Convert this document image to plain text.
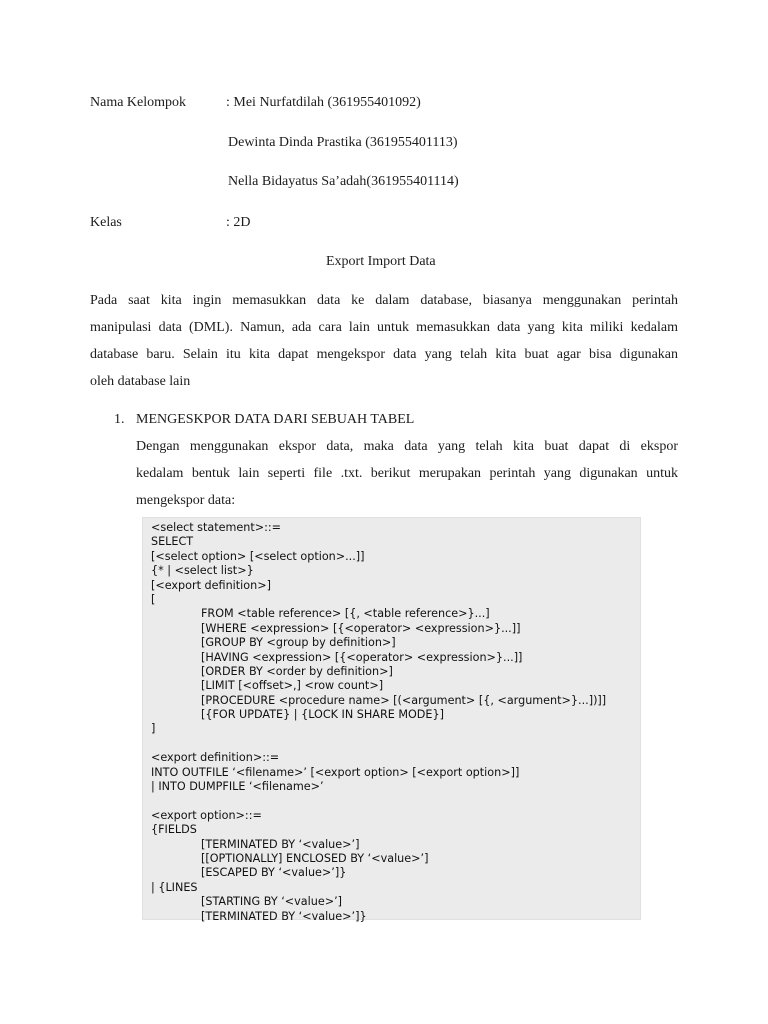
Nama Kelompok	: Mei Nurfatdilah (361955401092)
Dewinta Dinda Prastika (361955401113)
Nella Bidayatus Sa’adah(361955401114)
Kelas	: 2D
Export Import Data
Pada saat kita ingin memasukkan data ke dalam database, biasanya menggunakan perintah
manipulasi data (DML). Namun, ada cara lain untuk memasukkan data yang kita miliki kedalam
database baru. Selain itu kita dapat mengekspor data yang telah kita buat agar bisa digunakan
oleh database lain
1. MENGESKPOR DATA DARI SEBUAH TABEL
Dengan menggunakan ekspor data, maka data yang telah kita buat dapat di ekspor
kedalam bentuk lain seperti file .txt. berikut merupakan perintah yang digunakan untuk
mengekspor data:
<select statement>::=
SELECT
[<select option> [<select option>...]]
{* | <select list>}
[<export definition>]
[
FROM <table reference> [{, <table reference>}...]
[WHERE <expression> [{<operator> <expression>}...]]
[GROUP BY <group by definition>]
[HAVING <expression> [{<operator> <expression>}...]]
[ORDER BY <order by definition>]
[LIMIT [<offset>,] <row count>]
[PROCEDURE <procedure name> [(<argument> [{, <argument>}...])]]
[{FOR UPDATE} | {LOCK IN SHARE MODE}]
]
<export definition>::=
INTO OUTFILE ‘<filename>’ [<export option> [<export option>]]
| INTO DUMPFILE ‘<filename>’
<export option>::=
{FIELDS
[TERMINATED BY ‘<value>’]
[[OPTIONALLY] ENCLOSED BY ‘<value>’]
[ESCAPED BY ‘<value>’]}
| {LINES
[STARTING BY ‘<value>’]
[TERMINATED BY ‘<value>’]}
